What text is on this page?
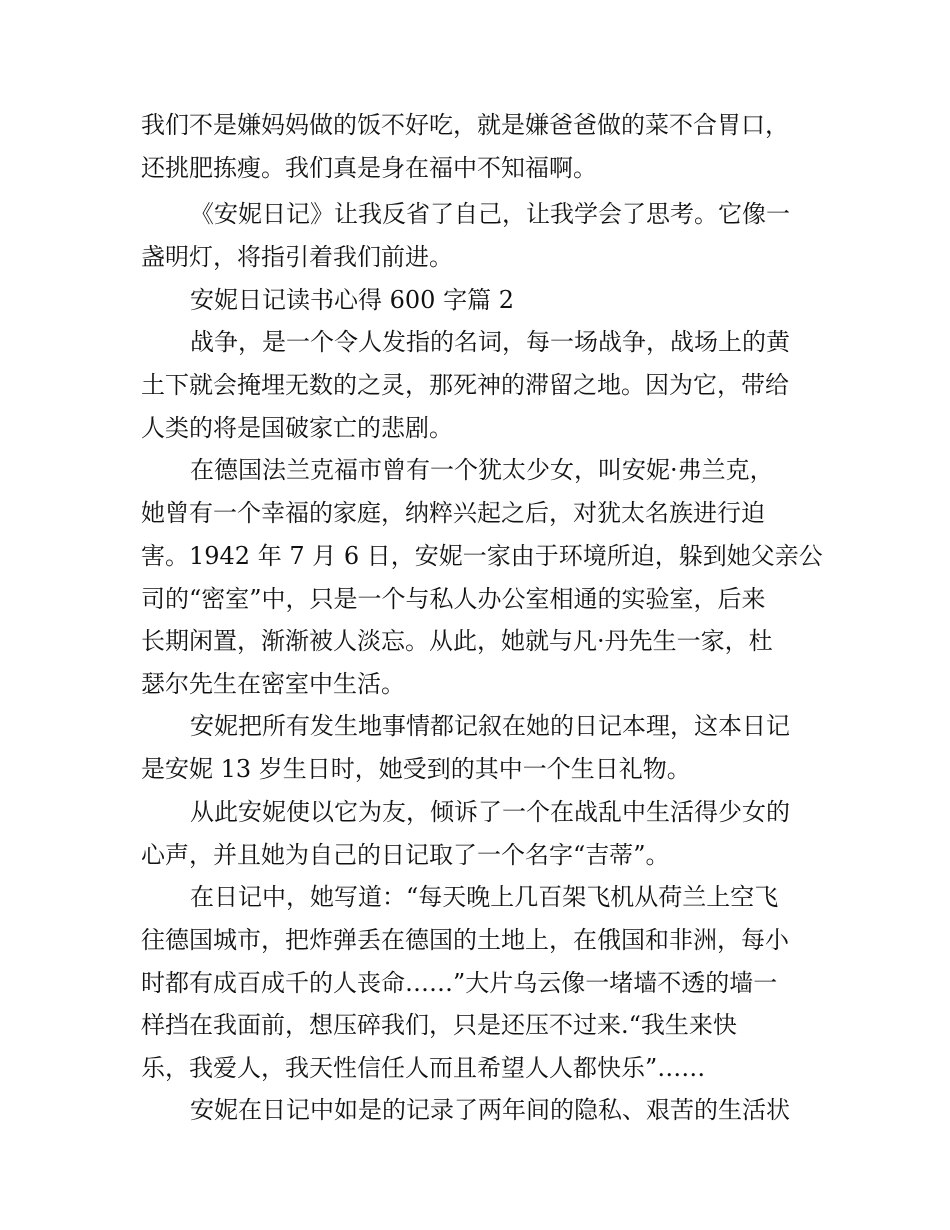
我们不是嫌妈妈做的饭不好吃，就是嫌爸爸做的菜不合胃口，
还挑肥拣瘦。我们真是身在福中不知福啊。
《安妮日记》让我反省了自己，让我学会了思考。它像一
盏明灯，将指引着我们前进。
安妮日记读书心得 600 字篇 2
战争，是一个令人发指的名词，每一场战争，战场上的黄
土下就会掩埋无数的之灵，那死神的滞留之地。因为它，带给
人类的将是国破家亡的悲剧。
在德国法兰克福市曾有一个犹太少女，叫安妮·弗兰克，
她曾有一个幸福的家庭，纳粹兴起之后，对犹太名族进行迫
害。1942 年 7 月 6 日，安妮一家由于环境所迫，躲到她父亲公
司的“密室”中，只是一个与私人办公室相通的实验室，后来
长期闲置，渐渐被人淡忘。从此，她就与凡·丹先生一家，杜
瑟尔先生在密室中生活。
安妮把所有发生地事情都记叙在她的日记本理，这本日记
是安妮 13 岁生日时，她受到的其中一个生日礼物。
从此安妮使以它为友，倾诉了一个在战乱中生活得少女的
心声，并且她为自己的日记取了一个名字“吉蒂”。
在日记中，她写道：“每天晚上几百架飞机从荷兰上空飞
往德国城市，把炸弹丢在德国的土地上，在俄国和非洲，每小
时都有成百成千的人丧命……”大片乌云像一堵墙不透的墙一
样挡在我面前，想压碎我们，只是还压不过来.“我生来快
乐，我爱人，我天性信任人而且希望人人都快乐”……
安妮在日记中如是的记录了两年间的隐私、艰苦的生活状
